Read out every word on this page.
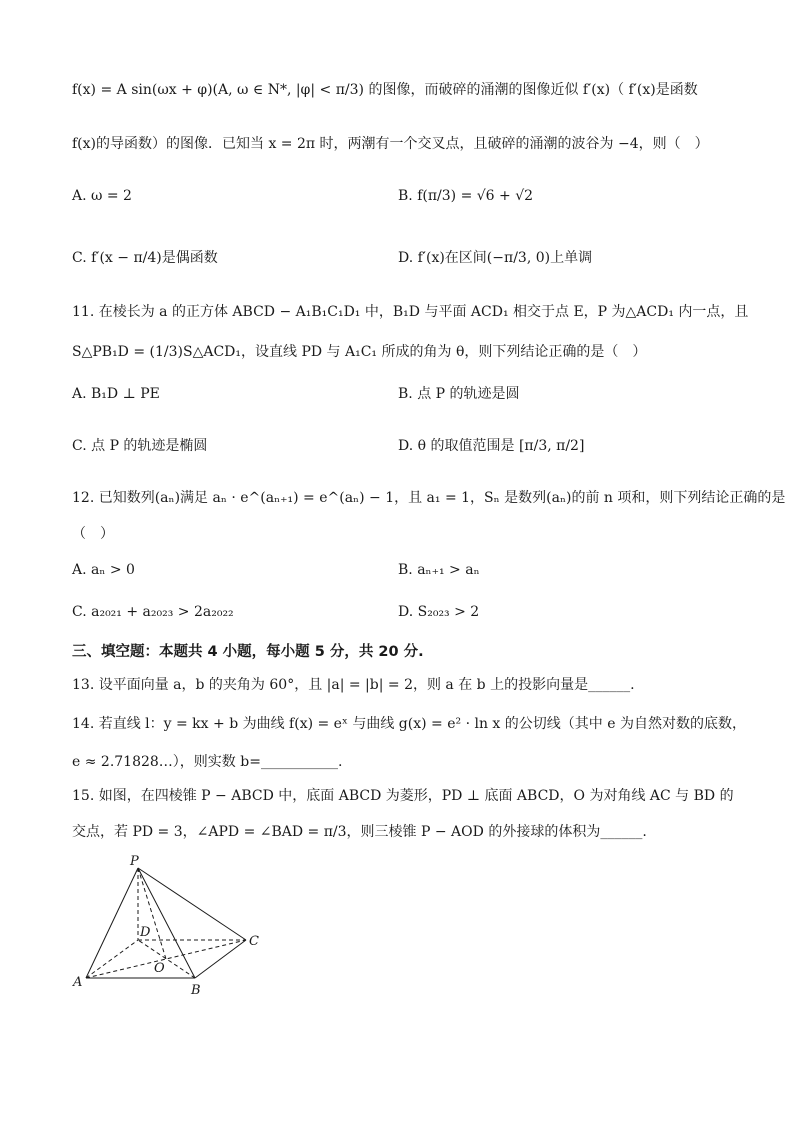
f(x) = A sin(ωx + φ)(A, ω ∈ N*, |φ| < π/3) 的图像，而破碎的涌潮的图像近似 f′(x)（ f′(x)是函数
f(x)的导函数）的图像．已知当 x = 2π 时，两潮有一个交叉点，且破碎的涌潮的波谷为 −4，则（　）
A. ω = 2	B. f(π/3) = √6 + √2
C. f′(x − π/4)是偶函数	D. f′(x)在区间(−π/3, 0)上单调
11. 在棱长为 a 的正方体 ABCD − A₁B₁C₁D₁ 中，B₁D 与平面 ACD₁ 相交于点 E，P 为△ACD₁ 内一点，且
S△PB₁D = (1/3)S△ACD₁，设直线 PD 与 A₁C₁ 所成的角为 θ，则下列结论正确的是（　）
A. B₁D ⊥ PE	B. 点 P 的轨迹是圆
C. 点 P 的轨迹是椭圆	D. θ 的取值范围是 [π/3, π/2]
12. 已知数列(aₙ)满足 aₙ · e^(aₙ₊₁) = e^(aₙ) − 1，且 a₁ = 1，Sₙ 是数列(aₙ)的前 n 项和，则下列结论正确的是
（　）
A. aₙ > 0	B. aₙ₊₁ > aₙ
C. a₂₀₂₁ + a₂₀₂₃ > 2a₂₀₂₂	D. S₂₀₂₃ > 2
三、填空题：本题共 4 小题，每小题 5 分，共 20 分.
13. 设平面向量 a，b 的夹角为 60°，且 |a| = |b| = 2，则 a 在 b 上的投影向量是______.
14. 若直线 l：y = kx + b 为曲线 f(x) = eˣ 与曲线 g(x) = e² · ln x 的公切线（其中 e 为自然对数的底数，
e ≈ 2.71828…），则实数 b=___________.
15. 如图，在四棱锥 P − ABCD 中，底面 ABCD 为菱形，PD ⊥ 底面 ABCD，O 为对角线 AC 与 BD 的
交点，若 PD = 3，∠APD = ∠BAD = π/3，则三棱锥 P − AOD 的外接球的体积为______.
P
D
C
O
A
B
